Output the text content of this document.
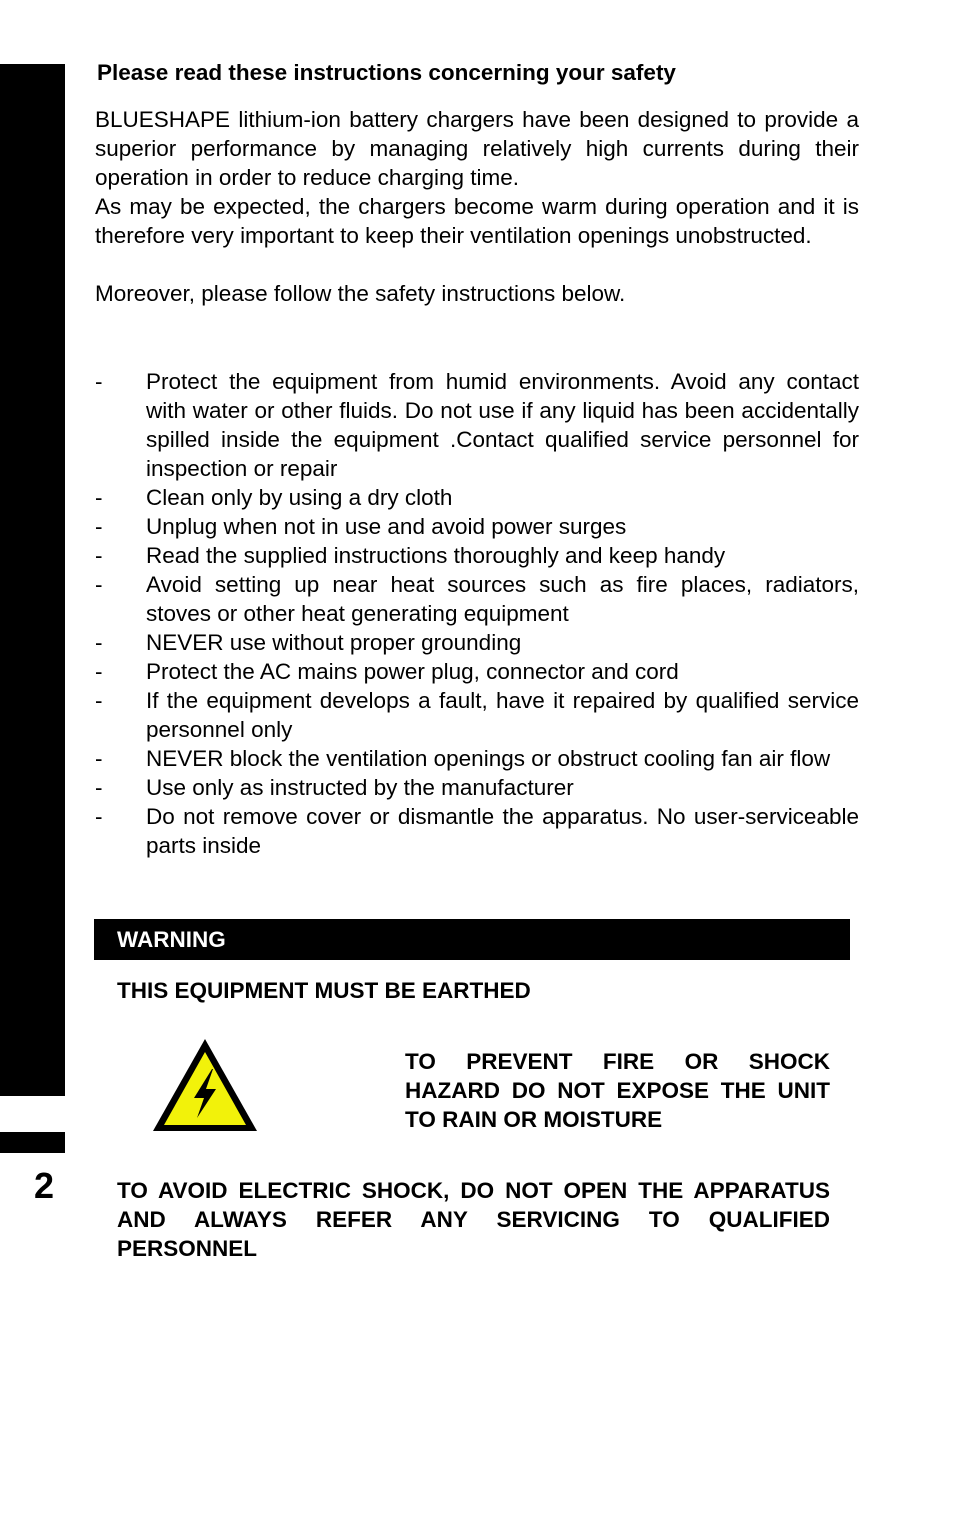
2
Please read these instructions concerning your safety

BLUESHAPE lithium-ion battery chargers have been designed to provide a superior performance by managing relatively high currents during their operation in order to reduce charging time.

As may be expected, the chargers become warm during operation and it is therefore very important to keep their ventilation openings unobstructed.

Moreover, please follow the safety instructions below.

- Protect the equipment from humid environments. Avoid any contact with water or other fluids. Do not use if any liquid has been accidentally spilled inside the equipment .Contact qualified service personnel for inspection or repair
- Clean only by using a dry cloth
- Unplug when not in use and avoid power surges
- Read the supplied instructions thoroughly and keep handy
- Avoid setting up near heat sources such as fire places, radiators, stoves or other heat generating equipment
- NEVER use without proper grounding
- Protect the AC mains power plug, connector and cord
- If the equipment develops a fault, have it repaired by qualified service personnel only
- NEVER block the ventilation openings or obstruct cooling fan air flow
- Use only as instructed by the manufacturer
- Do not remove cover or dismantle the apparatus. No user-serviceable parts inside
WARNING
THIS EQUIPMENT MUST BE EARTHED

TO PREVENT FIRE OR SHOCK HAZARD DO NOT EXPOSE THE UNIT TO RAIN OR MOISTURE

TO AVOID ELECTRIC SHOCK, DO NOT OPEN THE APPARATUS AND ALWAYS REFER ANY SERVICING TO QUALIFIED PERSONNEL
